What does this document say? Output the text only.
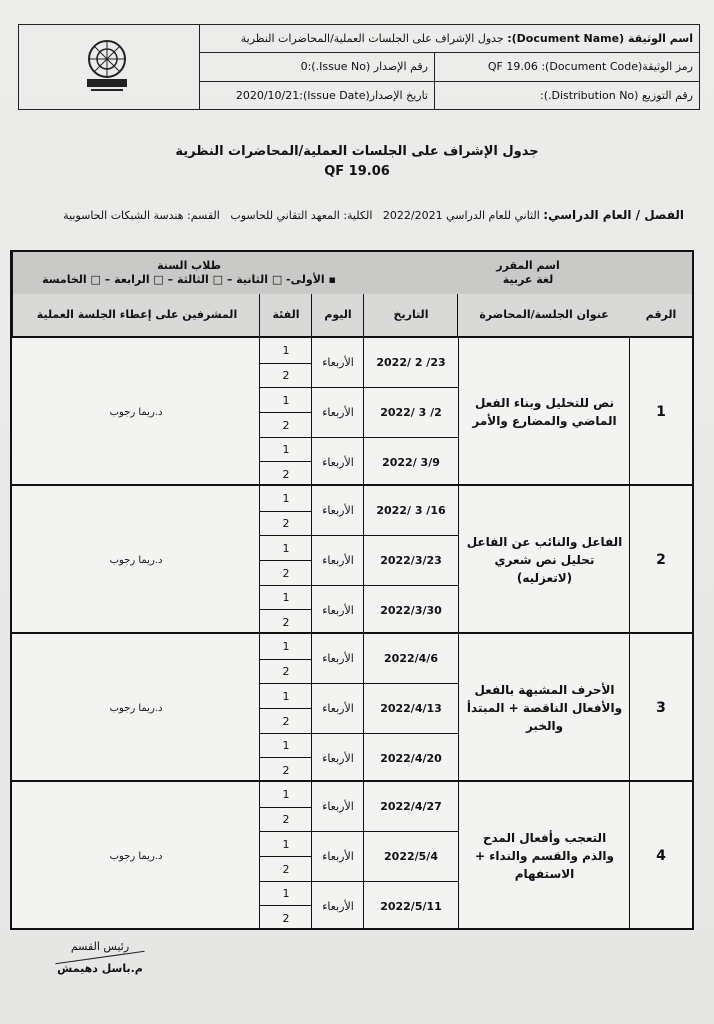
اسم الوثيقة (Document Name):

جدول الإشراف على الجلسات العملية/المحاضرات النظرية
رمز الوثيقة(Document Code):

QF 19.06
رقم الإصدار (Issue No.):0
رقم التوزيع (Distribution No.):
تاريخ الإصدار(Issue Date):2020/10/21
جدول الإشراف على الجلسات العملية/المحاضرات النظرية
QF 19.06
الفصل / العام الدراسي: الثاني للعام الدراسي 2022/2021   الكلية: المعهد التقاني للحاسوب   القسم: هندسة الشبكات الحاسوبية
اسم المقرر
لغة عربية
طلاب السنة
▪ الأولى- □ الثانية – □ الثالثة – □ الرابعة – □ الخامسة
الرقم
عنوان الجلسة/المحاضرة
التاريخ
اليوم
الفئة
المشرفين على إعطاء الجلسة العملية
1
نص للتحليل وبناء الفعل الماضي والمضارع والأمر
2022/ 2 /23
2022/ 3 /2
2022/ 3/9
الأربعاء
الأربعاء
الأربعاء
1
2
1
2
1
2
د.ريما رجوب
2
الفاعل والنائب عن الفاعل تحليل نص شعري (لاتعزليه)
2022/ 3 /16
2022/3/23
2022/3/30
الأربعاء
الأربعاء
الأربعاء
1
2
1
2
1
2
د.ريما رجوب
3
الأحرف المشبهة بالفعل والأفعال الناقصة + المبتدأ والخبر
2022/4/6
2022/4/13
2022/4/20
الأربعاء
الأربعاء
الأربعاء
1
2
1
2
1
2
د.ريما رجوب
4
التعجب وأفعال المدح والذم والقسم والنداء + الاستفهام
2022/4/27
2022/5/4
2022/5/11
الأربعاء
الأربعاء
الأربعاء
1
2
1
2
1
2
د.ريما رجوب
رئيس القسم
م.باسل دهيمش
